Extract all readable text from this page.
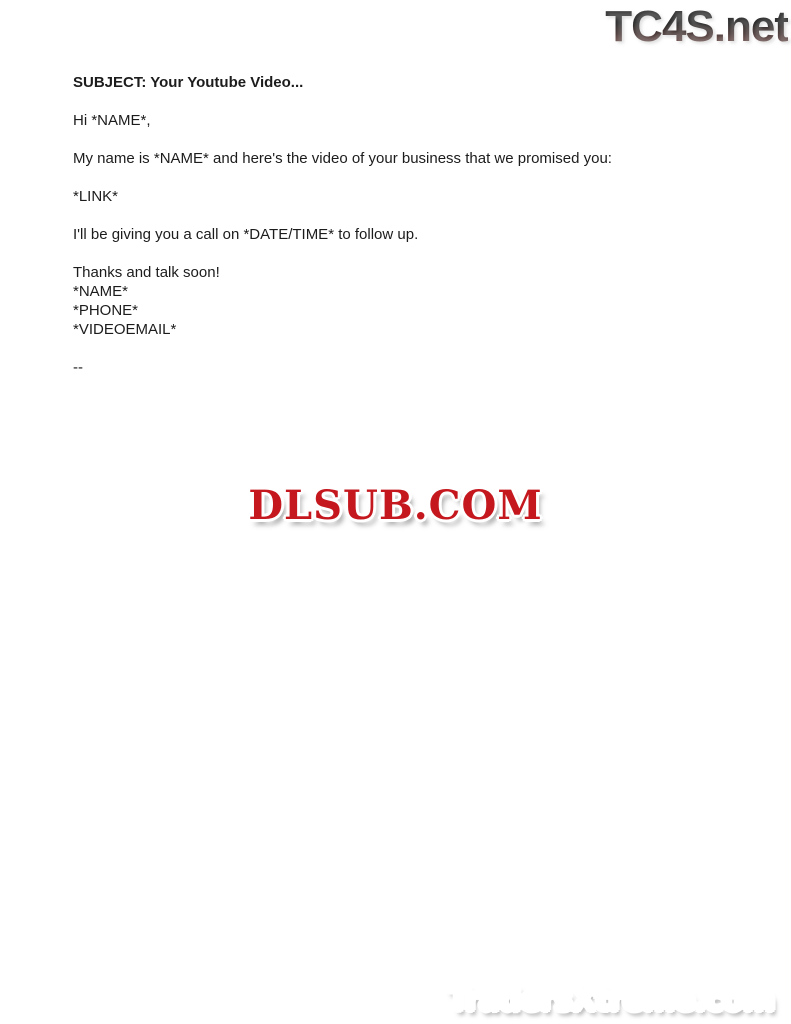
TC4S.net

SUBJECT: Your Youtube Video...

Hi *NAME*,

My name is *NAME* and here's the video of your business that we promised you:

*LINK*

I'll be giving you a call on *DATE/TIME* to follow up.

Thanks and talk soon!
*NAME*
*PHONE*
*VIDEOEMAIL*

--

DLSUB.COM
TradersXtreme.com
